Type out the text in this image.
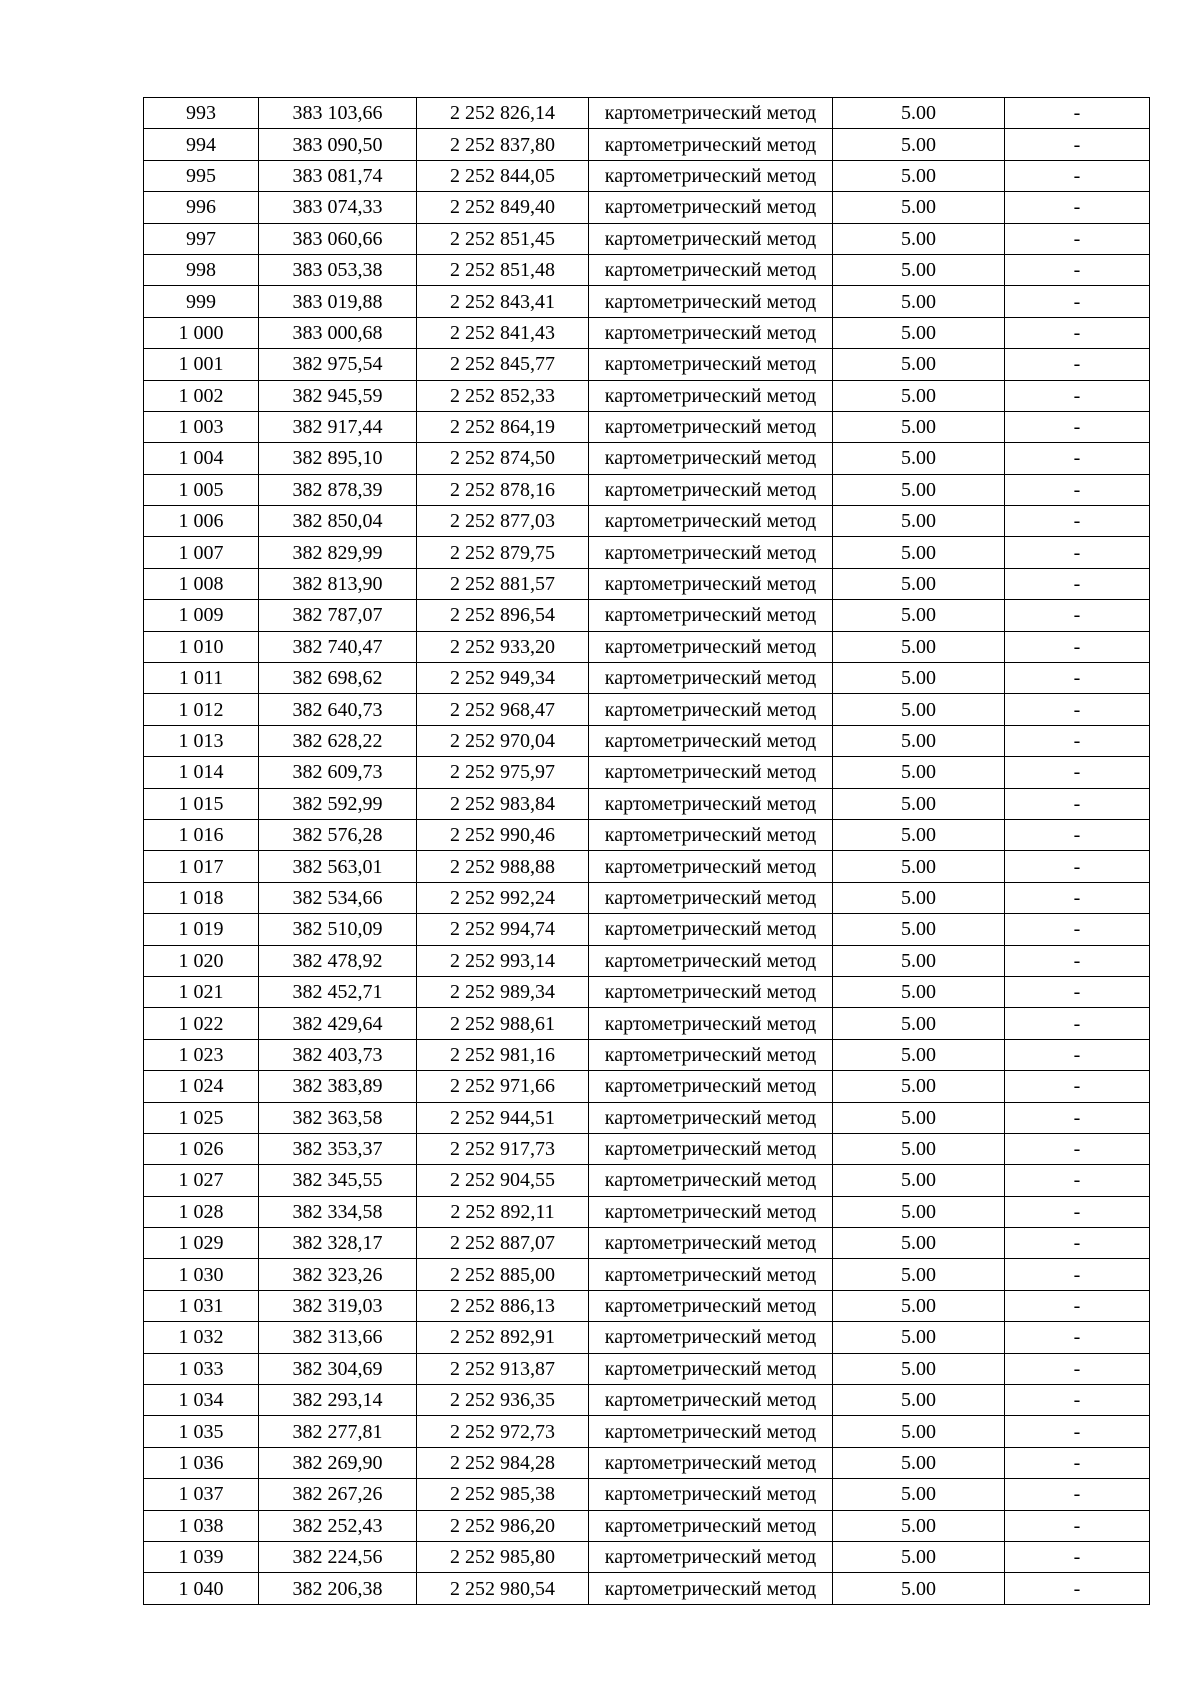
993	383 103,66	2 252 826,14	картометрический метод	5.00	-
994	383 090,50	2 252 837,80	картометрический метод	5.00	-
995	383 081,74	2 252 844,05	картометрический метод	5.00	-
996	383 074,33	2 252 849,40	картометрический метод	5.00	-
997	383 060,66	2 252 851,45	картометрический метод	5.00	-
998	383 053,38	2 252 851,48	картометрический метод	5.00	-
999	383 019,88	2 252 843,41	картометрический метод	5.00	-
1 000	383 000,68	2 252 841,43	картометрический метод	5.00	-
1 001	382 975,54	2 252 845,77	картометрический метод	5.00	-
1 002	382 945,59	2 252 852,33	картометрический метод	5.00	-
1 003	382 917,44	2 252 864,19	картометрический метод	5.00	-
1 004	382 895,10	2 252 874,50	картометрический метод	5.00	-
1 005	382 878,39	2 252 878,16	картометрический метод	5.00	-
1 006	382 850,04	2 252 877,03	картометрический метод	5.00	-
1 007	382 829,99	2 252 879,75	картометрический метод	5.00	-
1 008	382 813,90	2 252 881,57	картометрический метод	5.00	-
1 009	382 787,07	2 252 896,54	картометрический метод	5.00	-
1 010	382 740,47	2 252 933,20	картометрический метод	5.00	-
1 011	382 698,62	2 252 949,34	картометрический метод	5.00	-
1 012	382 640,73	2 252 968,47	картометрический метод	5.00	-
1 013	382 628,22	2 252 970,04	картометрический метод	5.00	-
1 014	382 609,73	2 252 975,97	картометрический метод	5.00	-
1 015	382 592,99	2 252 983,84	картометрический метод	5.00	-
1 016	382 576,28	2 252 990,46	картометрический метод	5.00	-
1 017	382 563,01	2 252 988,88	картометрический метод	5.00	-
1 018	382 534,66	2 252 992,24	картометрический метод	5.00	-
1 019	382 510,09	2 252 994,74	картометрический метод	5.00	-
1 020	382 478,92	2 252 993,14	картометрический метод	5.00	-
1 021	382 452,71	2 252 989,34	картометрический метод	5.00	-
1 022	382 429,64	2 252 988,61	картометрический метод	5.00	-
1 023	382 403,73	2 252 981,16	картометрический метод	5.00	-
1 024	382 383,89	2 252 971,66	картометрический метод	5.00	-
1 025	382 363,58	2 252 944,51	картометрический метод	5.00	-
1 026	382 353,37	2 252 917,73	картометрический метод	5.00	-
1 027	382 345,55	2 252 904,55	картометрический метод	5.00	-
1 028	382 334,58	2 252 892,11	картометрический метод	5.00	-
1 029	382 328,17	2 252 887,07	картометрический метод	5.00	-
1 030	382 323,26	2 252 885,00	картометрический метод	5.00	-
1 031	382 319,03	2 252 886,13	картометрический метод	5.00	-
1 032	382 313,66	2 252 892,91	картометрический метод	5.00	-
1 033	382 304,69	2 252 913,87	картометрический метод	5.00	-
1 034	382 293,14	2 252 936,35	картометрический метод	5.00	-
1 035	382 277,81	2 252 972,73	картометрический метод	5.00	-
1 036	382 269,90	2 252 984,28	картометрический метод	5.00	-
1 037	382 267,26	2 252 985,38	картометрический метод	5.00	-
1 038	382 252,43	2 252 986,20	картометрический метод	5.00	-
1 039	382 224,56	2 252 985,80	картометрический метод	5.00	-
1 040	382 206,38	2 252 980,54	картометрический метод	5.00	-
